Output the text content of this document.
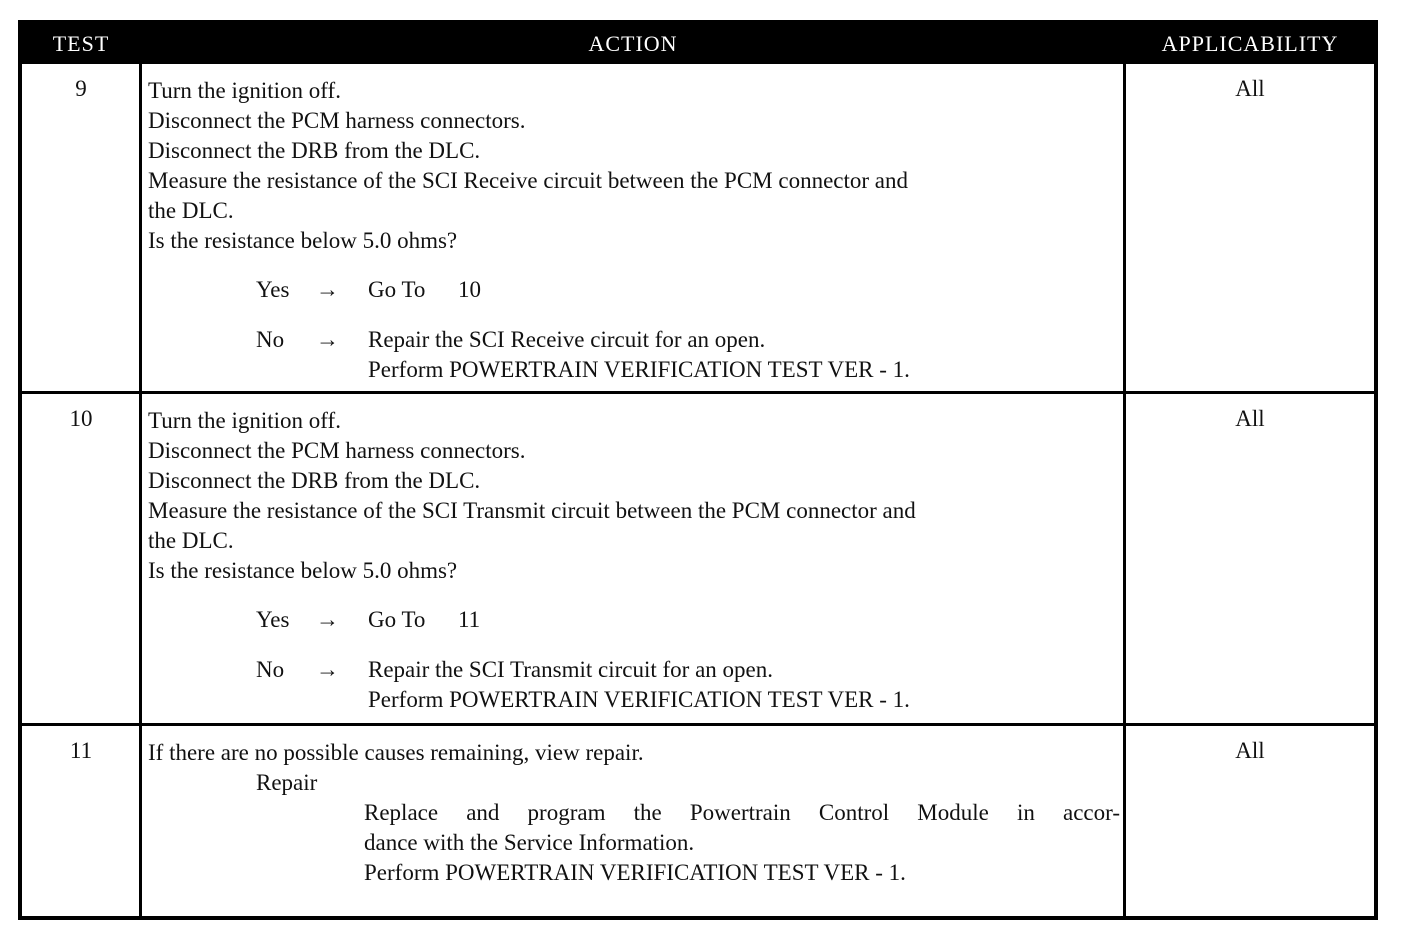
TEST	ACTION	APPLICABILITY
9	Turn the ignition off.

Disconnect the PCM harness connectors.

Disconnect the DRB from the DLC.

Measure the resistance of the SCI Receive circuit between the PCM connector and

the DLC.

Is the resistance below 5.0 ohms?

Yes → Go To 10
No → Repair the SCI Receive circuit for an open.
Perform POWERTRAIN VERIFICATION TEST VER - 1.
All
10	Turn the ignition off.

Disconnect the PCM harness connectors.

Disconnect the DRB from the DLC.

Measure the resistance of the SCI Transmit circuit between the PCM connector and

the DLC.

Is the resistance below 5.0 ohms?

Yes → Go To 11
No → Repair the SCI Transmit circuit for an open.
Perform POWERTRAIN VERIFICATION TEST VER - 1.
All
11	If there are no possible causes remaining, view repair.

Repair

Replace and program the Powertrain Control Module in accor-

dance with the Service Information.

Perform POWERTRAIN VERIFICATION TEST VER - 1.

All
